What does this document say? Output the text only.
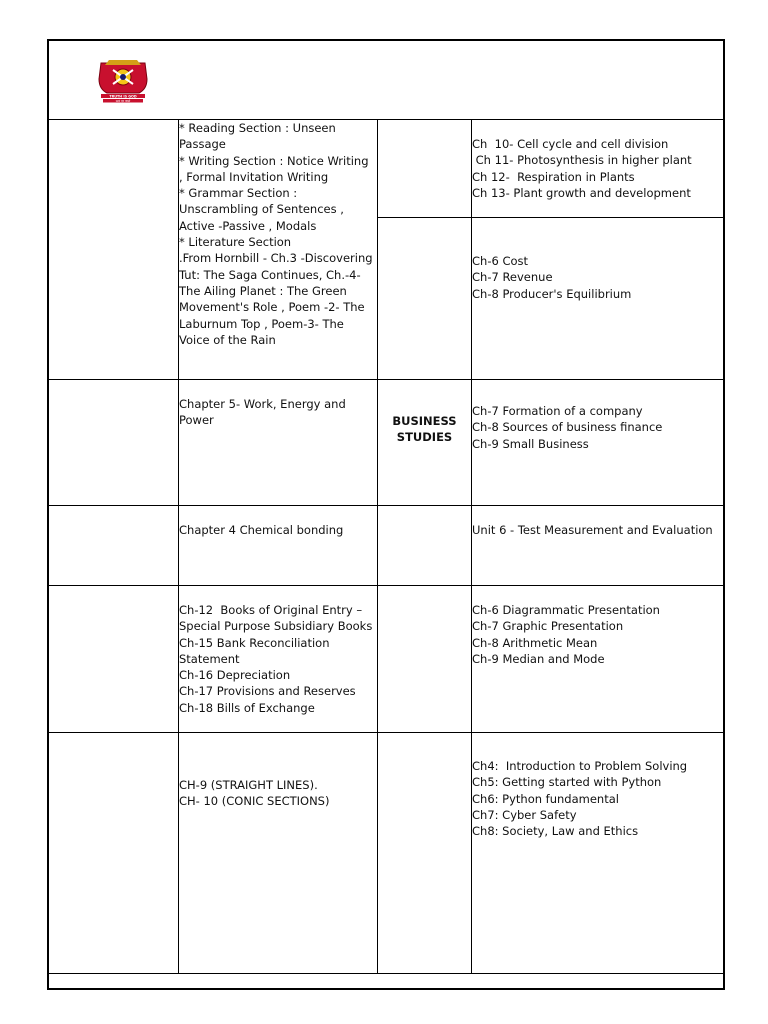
TRUTH IS GOD
सत्यं एव जयते
* Reading Section : Unseen
Passage
* Writing Section : Notice Writing
, Formal Invitation Writing
* Grammar Section :
Unscrambling of Sentences ,
Active -Passive , Modals
* Literature Section
.From Hornbill - Ch.3 -Discovering
Tut: The Saga Continues, Ch.-4-
The Ailing Planet : The Green
Movement's Role , Poem -2- The
Laburnum Top , Poem-3- The
Voice of the Rain
Ch  10- Cell cycle and cell division
Ch 11- Photosynthesis in higher plant
Ch 12-  Respiration in Plants
Ch 13- Plant growth and development
Ch-6 Cost
Ch-7 Revenue
Ch-8 Producer's Equilibrium
Chapter 5- Work, Energy and
Power	BUSINESS
STUDIES
Ch-7 Formation of a company
Ch-8 Sources of business finance
Ch-9 Small Business
Chapter 4 Chemical bonding	Unit 6 - Test Measurement and Evaluation
Ch-12  Books of Original Entry –
Special Purpose Subsidiary Books
Ch-15 Bank Reconciliation
Statement
Ch-16 Depreciation
Ch-17 Provisions and Reserves
Ch-18 Bills of Exchange
Ch-6 Diagrammatic Presentation
Ch-7 Graphic Presentation
Ch-8 Arithmetic Mean
Ch-9 Median and Mode
CH-9 (STRAIGHT LINES).
CH- 10 (CONIC SECTIONS)
Ch4:  Introduction to Problem Solving
Ch5: Getting started with Python
Ch6: Python fundamental
Ch7: Cyber Safety
Ch8: Society, Law and Ethics
